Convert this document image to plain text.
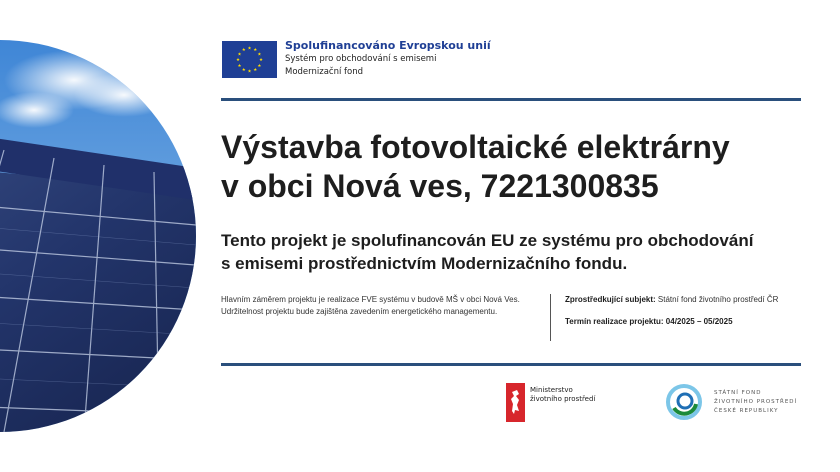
★ ★
★
★
★
★
★
★
★
★
★
★	Spolufinancováno Evropskou unií
Systém pro obchodování s emisemi
Modernizační fond
Výstavba fotovoltaické elektrárny
v obci Nová ves, 7221300835
Tento projekt je spolufinancován EU ze systému pro obchodování
s emisemi prostřednictvím Modernizačního fondu.
Hlavním záměrem projektu je realizace FVE systému v budově MŠ v obci Nová Ves. Udržitelnost projektu bude zajištěna zavedením energetického managementu.
Zprostředkující subjekt: Státní fond životního prostředí ČR
Termín realizace projektu: 04/2025 – 05/2025
Ministerstvo
životního prostředí
STÁTNÍ FOND
ŽIVOTNÍHO PROSTŘEDÍ
ČESKÉ REPUBLIKY
